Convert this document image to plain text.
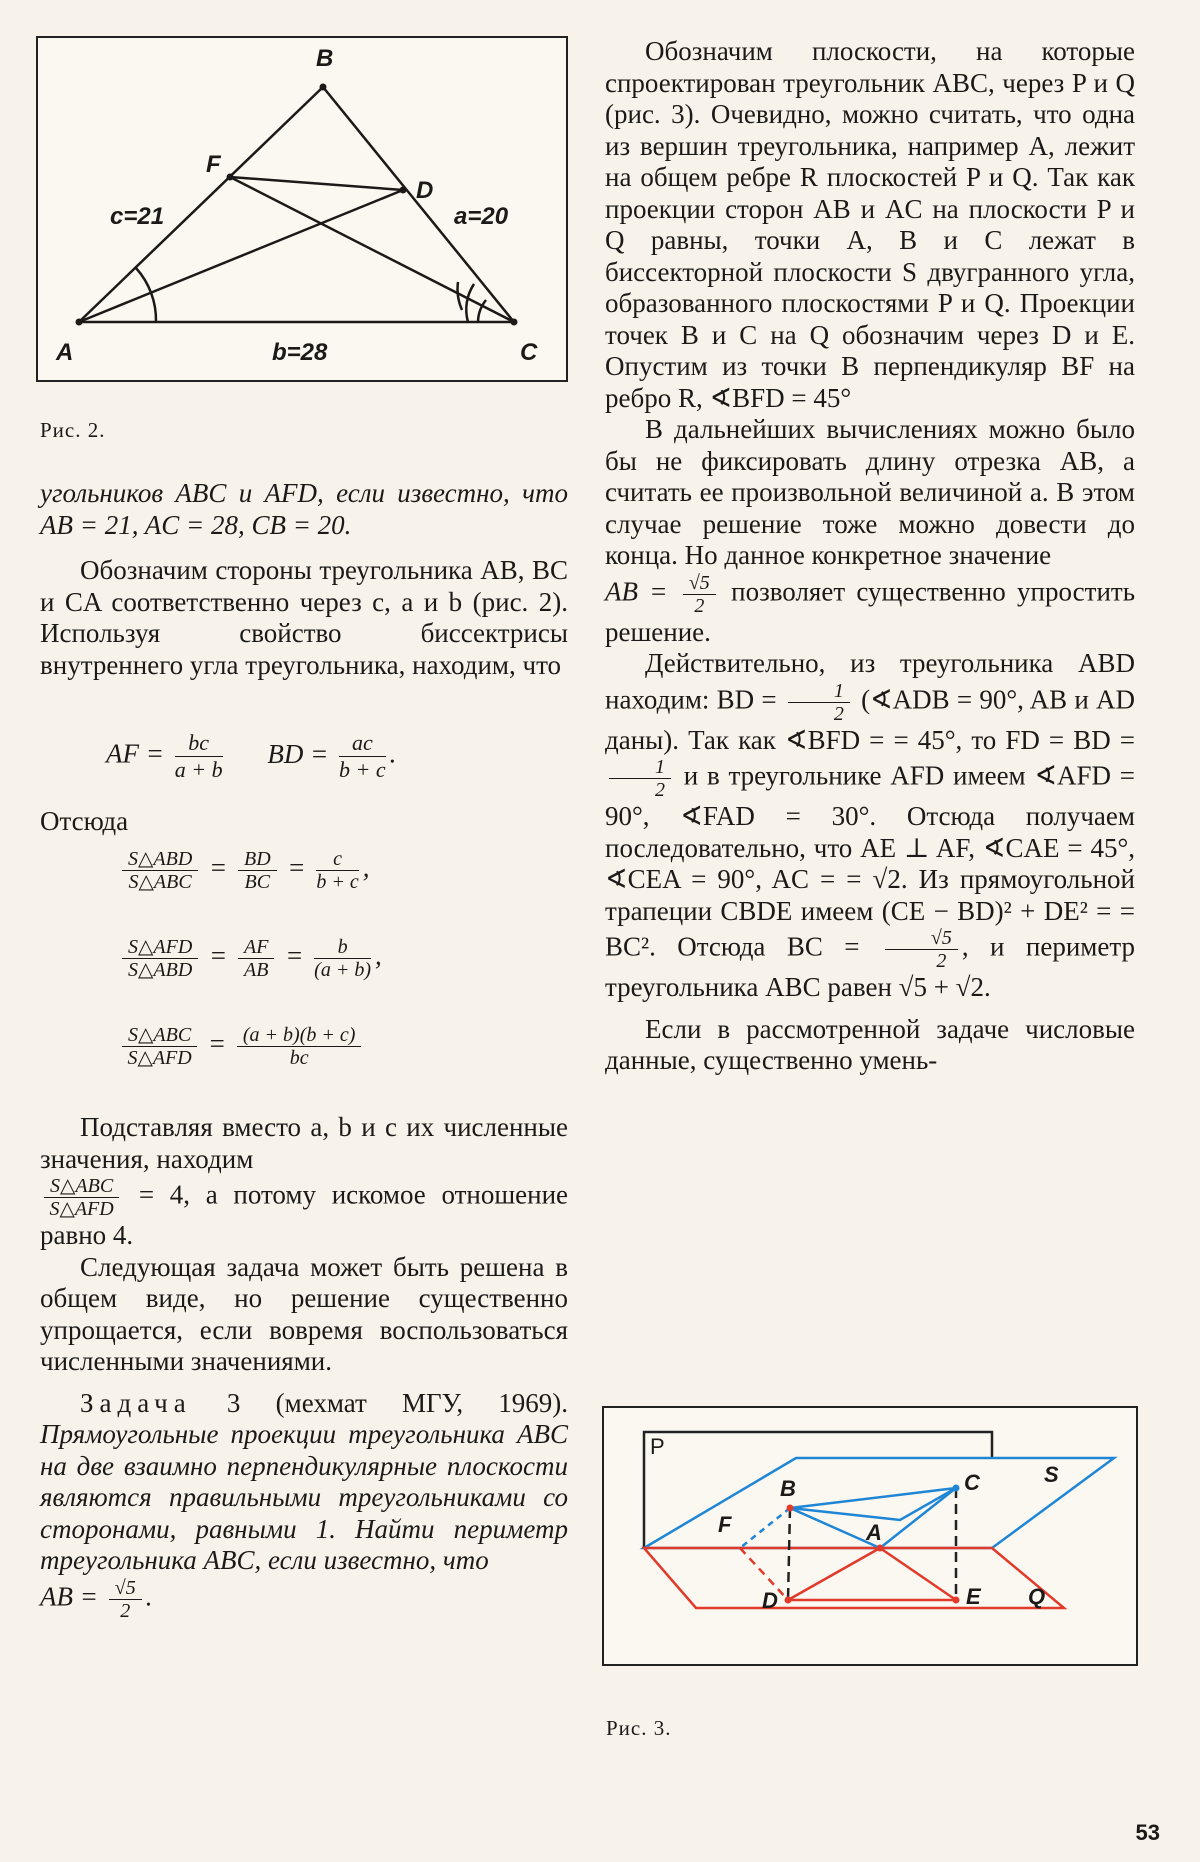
B
F
D
A	C
c=21	a=20
b=28
Рис. 2.

угольников ABC и AFD, если известно, что AB = 21, AC = 28, CB = 20.

Обозначим стороны треугольника AB, BC и CA соответственно через c, a и b (рис. 2). Используя свойство биссектрисы внутреннего угла треугольника, находим, что

AF = $\frac{bc}{a + b}$ BD = $\frac{ac}{b + c}$ .
Отсюда
$\frac{\text{S△ABD}}{\text{S△ABC}} = \frac{BD}{BC} = \frac{c}{b + c}$ ,
$\frac{\text{S△AFD}}{\text{S△ABD}} = \frac{AF}{AB} = \frac{b}{(a + b)}$ ,
$\frac{\text{S△ABC}}{\text{S△AFD}} = \frac{(a + b)(b + c)}{bc}$

Подставляя вместо a, b и c их численные значения, находим

$\frac{\text{S△ABC}}{\text{S△AFD}} = 4$, а потому искомое отношение равно 4.

Следующая задача может быть решена в общем виде, но решение существенно упрощается, если вовремя воспользоваться численными значениями.

Задача 3 (мехмат МГУ, 1969). Прямоугольные проекции треугольника ABC на две взаимно перпендикулярные плоскости являются правильными треугольниками со сторонами, равными 1. Найти периметр треугольника ABC, если известно, что

AB = $\frac{√5}{2}$ .

Обозначим плоскости, на которые спроектирован треугольник ABC, через P и Q (рис. 3). Очевидно, можно считать, что одна из вершин треугольника, например A, лежит на общем ребре R плоскостей P и Q. Так как проекции сторон AB и AC на плоскости P и Q равны, точки A, B и C лежат в биссекторной плоскости S двугранного угла, образованного плоскостями P и Q. Проекции точек B и C на Q обозначим через D и E. Опустим из точки B перпендикуляр BF на ребро R, ∢BFD = 45°

В дальнейших вычислениях можно было бы не фиксировать длину отрезка AB, а считать ее произвольной величиной a. В этом случае решение тоже можно довести до конца. Но данное конкретное значение

AB = $\frac{√5}{2}$ позволяет существенно упростить решение.

Действительно, из треугольника ABD находим: BD = $\frac{1}{2}$ (∢ADB = 90°, AB и AD даны). Так как ∢BFD = = 45°, то FD = BD =
$\frac{1}{2}$ и в треугольнике AFD имеем ∢AFD = 90°, ∢FAD = 30°. Отсюда получаем последовательно, что AE ⊥ AF, ∢CAE = 45°, ∢CEA = 90°, AC = = √2. Из прямоугольной трапеции CBDE имеем (CE − BD)² + DE² = = BC². Отсюда BC = $\frac{√5}{2}$ , и периметр треугольника ABC равен √5 + √2.

Если в рассмотренной задаче числовые данные, существенно умень-

P
S
Q
B	C
A
F
D	E
Рис. 3.
53
